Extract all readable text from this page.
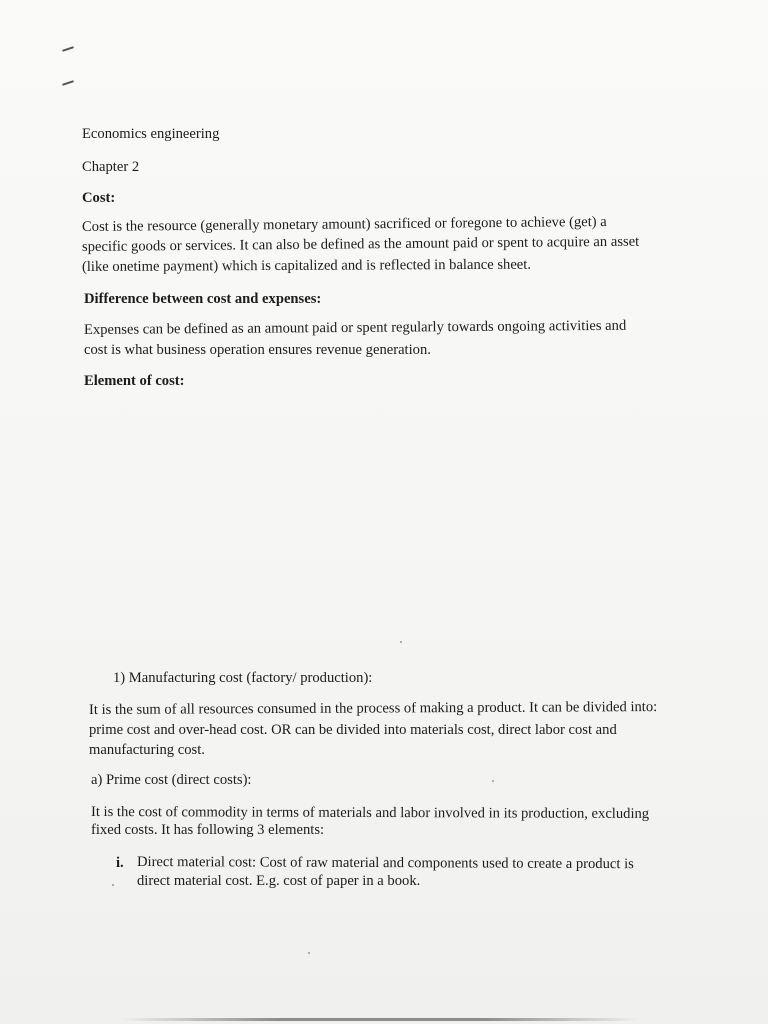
Economics engineering
Chapter 2
Cost:
Cost is the resource (generally monetary amount) sacrificed or foregone to achieve (get) a
specific goods or services. It can also be defined as the amount paid or spent to acquire an asset
(like onetime payment) which is capitalized and is reflected in balance sheet.
Difference between cost and expenses:
Expenses can be defined as an amount paid or spent regularly towards ongoing activities and
cost is what business operation ensures revenue generation.
Element of cost:
1) Manufacturing cost (factory/ production):
It is the sum of all resources consumed in the process of making a product. It can be divided into:
prime cost and over-head cost. OR can be divided into materials cost, direct labor cost and
manufacturing cost.
a) Prime cost (direct costs):
It is the cost of commodity in terms of materials and labor involved in its production, excluding
fixed costs. It has following 3 elements:
i. Direct material cost: Cost of raw material and components used to create a product is
direct material cost. E.g. cost of paper in a book.
